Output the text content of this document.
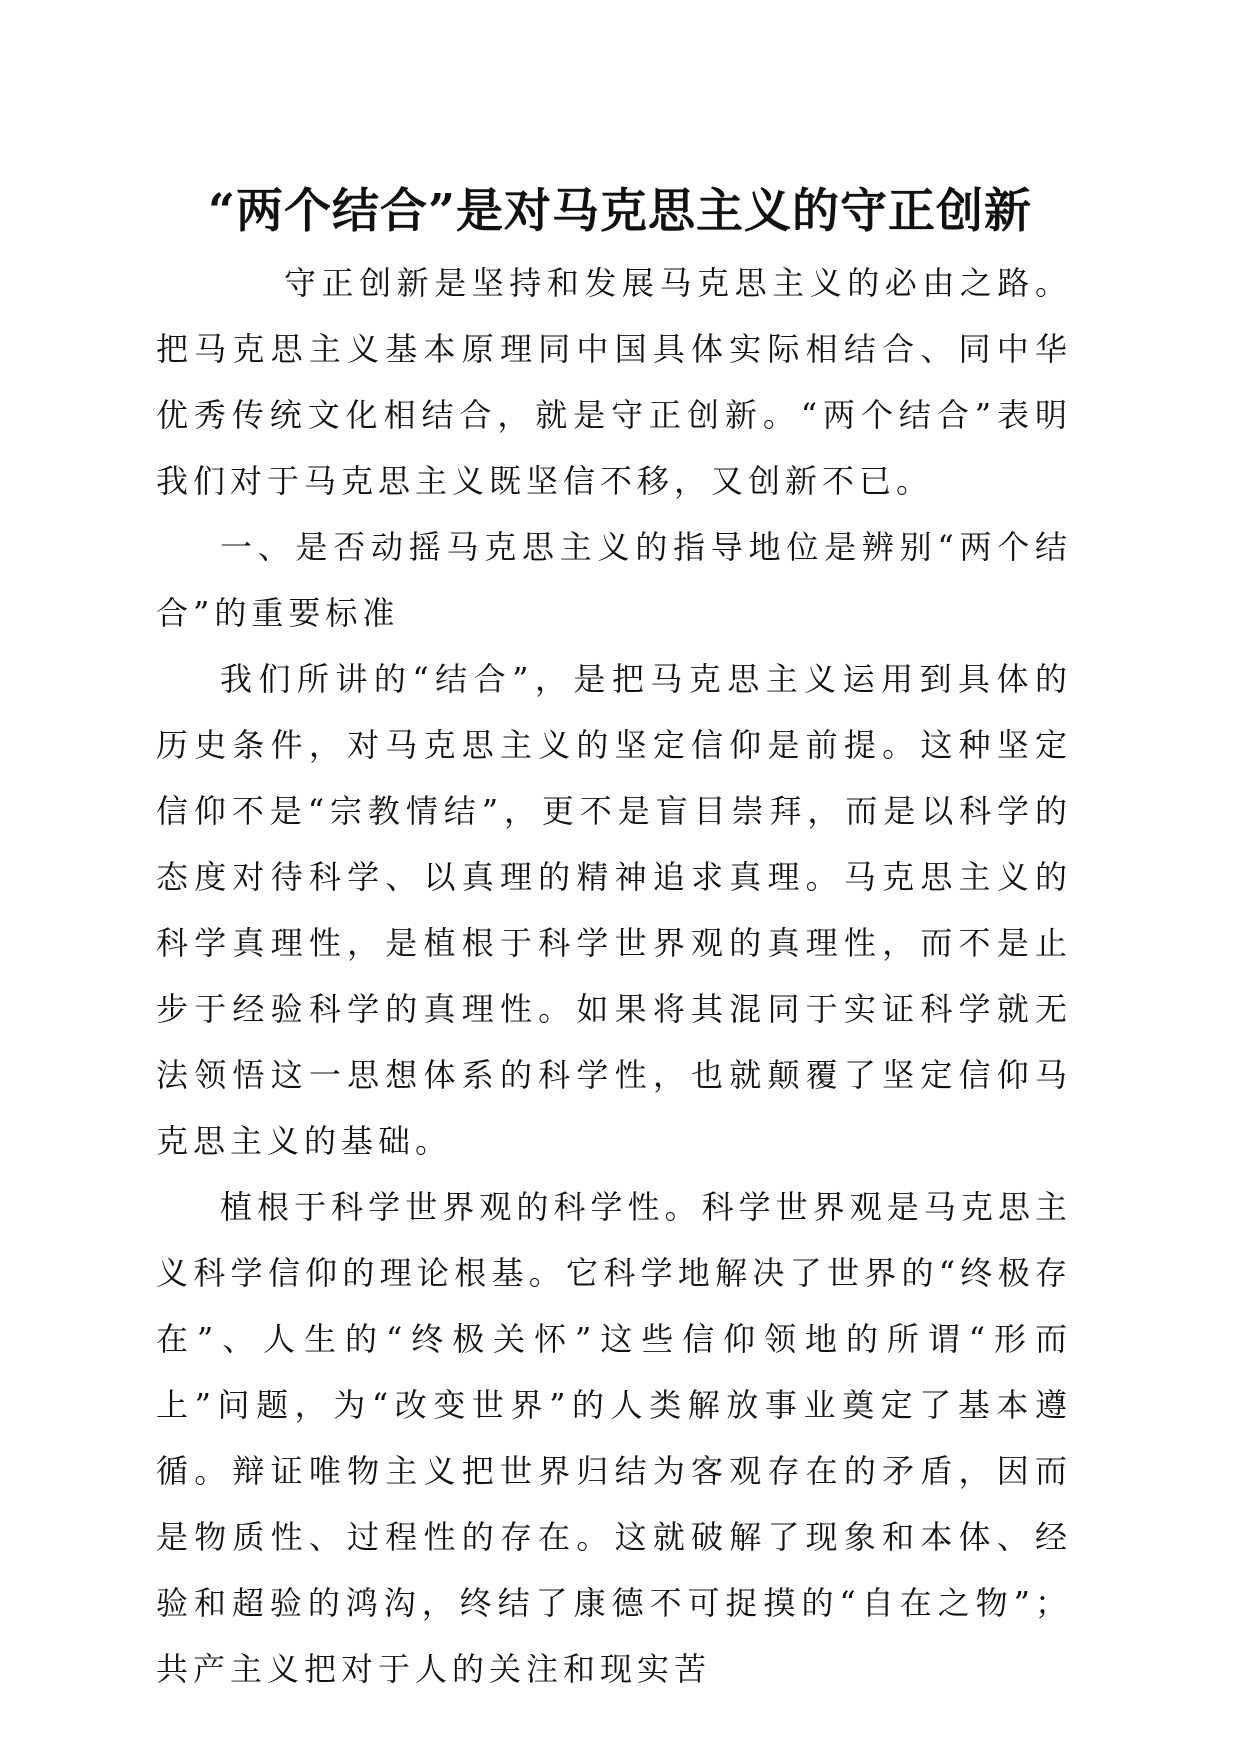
“两个结合”是对马克思主义的守正创新

守正创新是坚持和发展马克思主义的必由之路。把马克思主义基本原理同中国具体实际相结合、同中华优秀传统文化相结合，就是守正创新。“两个结合”表明我们对于马克思主义既坚信不移，又创新不已。

一、是否动摇马克思主义的指导地位是辨别“两个结合”的重要标准

我们所讲的“结合”，是把马克思主义运用到具体的历史条件，对马克思主义的坚定信仰是前提。这种坚定信仰不是“宗教情结”，更不是盲目崇拜，而是以科学的态度对待科学、以真理的精神追求真理。马克思主义的科学真理性，是植根于科学世界观的真理性，而不是止步于经验科学的真理性。如果将其混同于实证科学就无法领悟这一思想体系的科学性，也就颠覆了坚定信仰马克思主义的基础。

植根于科学世界观的科学性。科学世界观是马克思主义科学信仰的理论根基。它科学地解决了世界的“终极存在”、人生的“终极关怀”这些信仰领地的所谓“形而上”问题，为“改变世界”的人类解放事业奠定了基本遵循。辩证唯物主义把世界归结为客观存在的矛盾，因而是物质性、过程性的存在。这就破解了现象和本体、经验和超验的鸿沟，终结了康德不可捉摸的“自在之物”；共产主义把对于人的关注和现实苦
